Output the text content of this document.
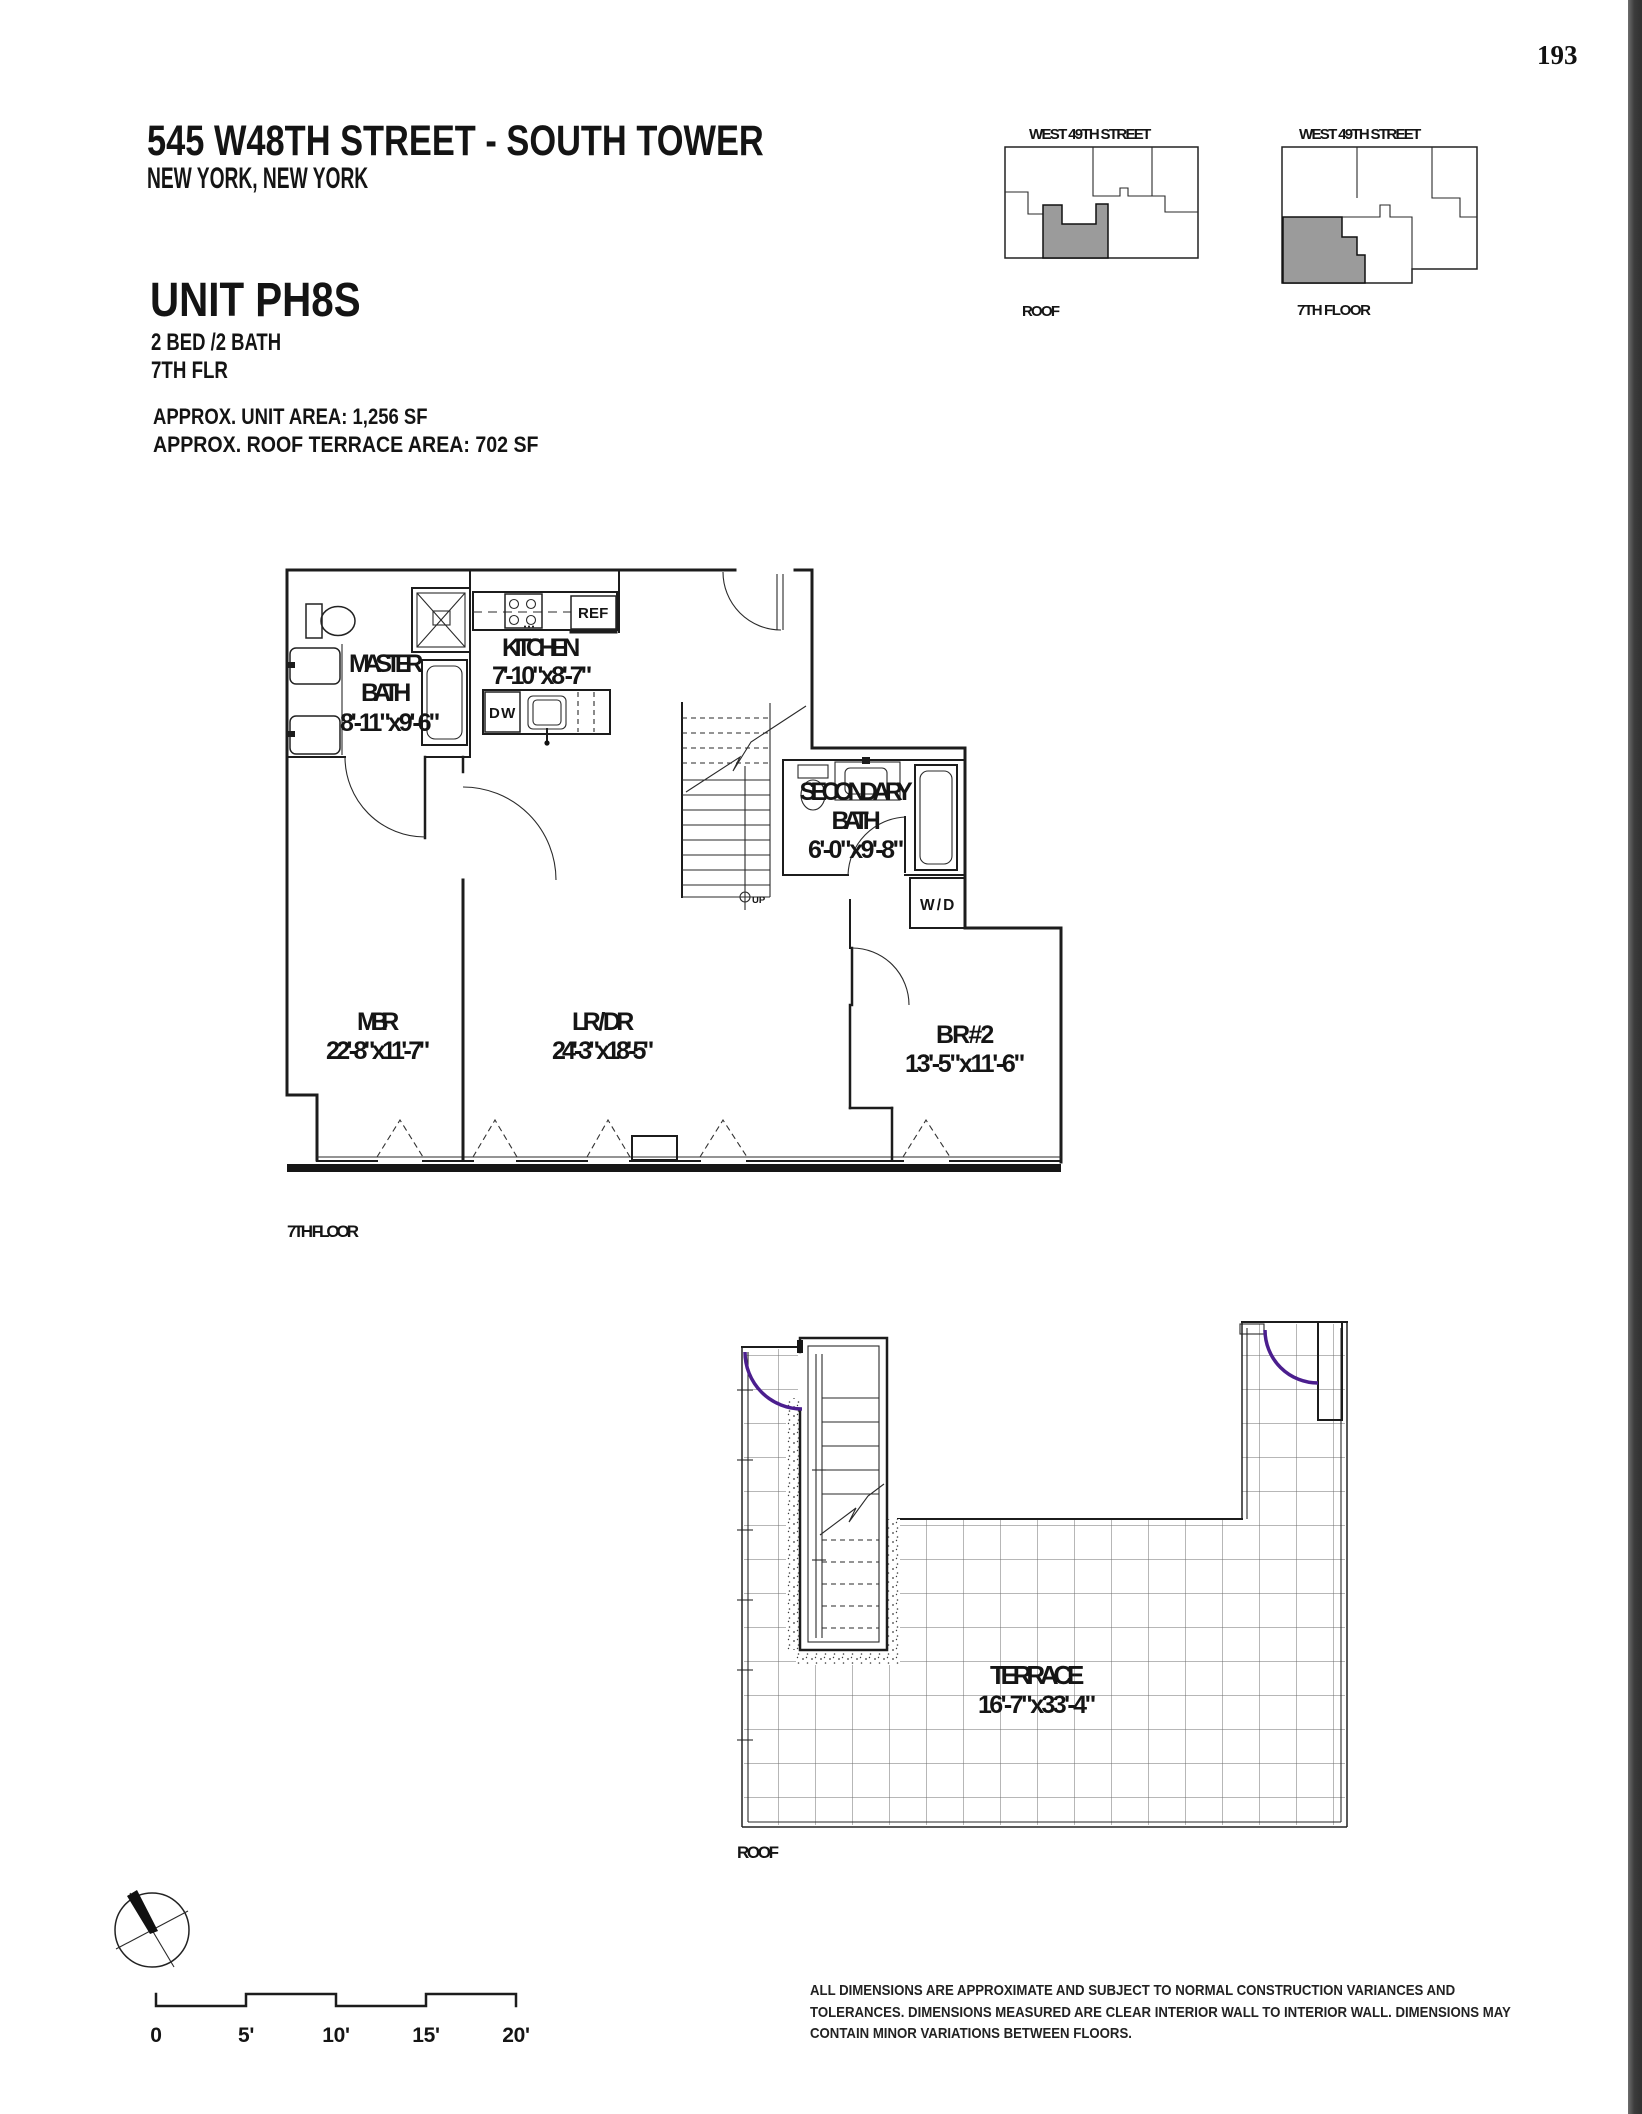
193
545 W48TH STREET - SOUTH TOWER
NEW YORK, NEW YORK
UNIT PH8S
2 BED /2 BATH
7TH FLR
APPROX. UNIT AREA: 1,256 SF
APPROX. ROOF TERRACE AREA: 702 SF
ALL DIMENSIONS ARE APPROXIMATE AND SUBJECT TO NORMAL CONSTRUCTION VARIANCES AND
TOLERANCES. DIMENSIONS MEASURED ARE CLEAR INTERIOR WALL TO INTERIOR WALL. DIMENSIONS MAY
CONTAIN MINOR VARIATIONS BETWEEN FLOORS.
WEST 49TH STREET
ROOF
WEST 49TH STREET
7TH FLOOR
MASTER
BATH
8'-11"x9'-6"
REF
DW
KITCHEN
7'-10"x8'-7"
UP
SECONDARY
BATH
6'-0"x9'-8"
W/D
MBR
22'-8"x11'-7"
LR / DR
24'-3"x18'-5"
BR#2
13'-5"x11'-6"
7TH FLOOR
TERRACE
16'-7"x33'-4"
ROOF
0	5'	10'	15'	20'
